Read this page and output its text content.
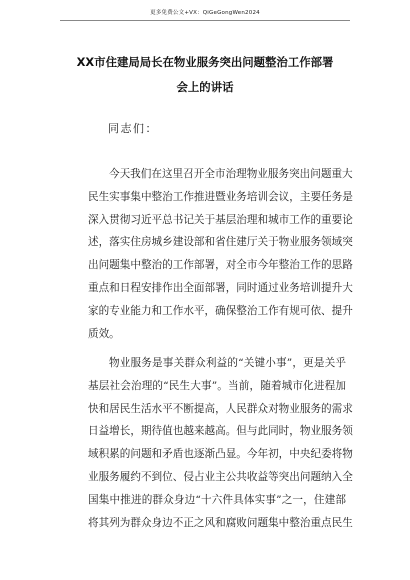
更多免费公文+VX：QiGeGongWen2024
XX市住建局局长在物业服务突出问题整治工作部署
会上的讲话
同志们：
今天我们在这里召开全市治理物业服务突出问题重大
民生实事集中整治工作推进暨业务培训会议，主要任务是
深入贯彻习近平总书记关于基层治理和城市工作的重要论
述，落实住房城乡建设部和省住建厅关于物业服务领域突
出问题集中整治的工作部署，对全市今年整治工作的思路
重点和日程安排作出全面部署，同时通过业务培训提升大
家的专业能力和工作水平，确保整治工作有规可依、提升
质效。
物业服务是事关群众利益的“关键小事”，更是关乎
基层社会治理的“民生大事”。当前，随着城市化进程加
快和居民生活水平不断提高，人民群众对物业服务的需求
日益增长，期待值也越来越高。但与此同时，物业服务领
域积累的问题和矛盾也逐渐凸显。今年初，中央纪委将物
业服务履约不到位、侵占业主公共收益等突出问题纳入全
国集中推进的群众身边“十六件具体实事”之一，住建部
将其列为群众身边不正之风和腐败问题集中整治重点民生
